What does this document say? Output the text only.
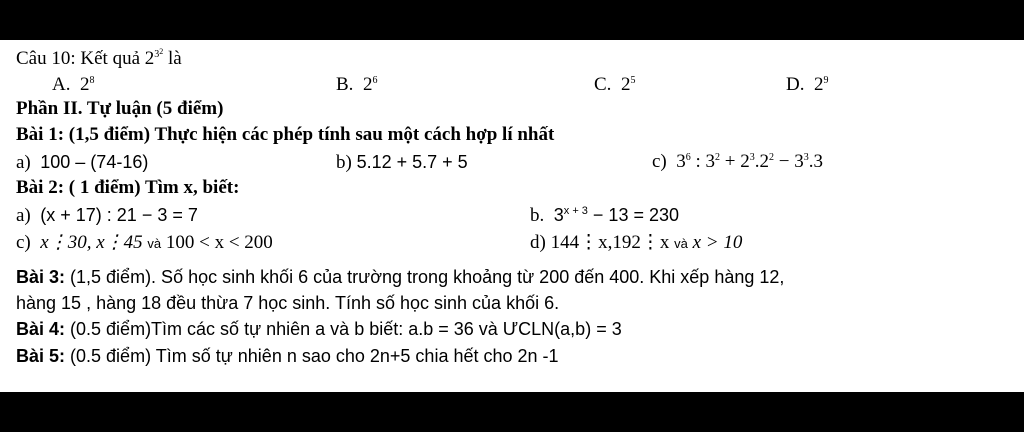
Câu 10: Kết quả $2^{3^2}$ là
A. $2^8$	B. $2^6$	C. $2^5$	D. $2^9$
Phần II. Tự luận (5 điểm)
Bài 1: (1,5 điểm) Thực hiện các phép tính sau một cách hợp lí nhất
a) 100 – (74-16)	b) 5.12 + 5.7 + 5	c) $3^6$ : $3^2 + 2^3.2^2 - 3^3.3$
Bài 2: ( 1 điểm) Tìm x, biết:
a) (x + 17) : 21 − 3 = 7	b. $3^{x + 3} - 13 = 230$
c) x⋮30, x⋮45 và 100 < x < 200	d) 144⋮x,192⋮x và x > 10
Bài 3: (1,5 điểm). Số học sinh khối 6 của trường trong khoảng từ 200 đến 400. Khi xếp hàng 12,
hàng 15 , hàng 18 đều thừa 7 học sinh. Tính số học sinh của khối 6.
Bài 4: (0.5 điểm)Tìm các số tự nhiên a và b biết: a.b = 36 và ƯCLN(a,b) = 3
Bài 5: (0.5 điểm) Tìm số tự nhiên n sao cho 2n+5 chia hết cho 2n -1
